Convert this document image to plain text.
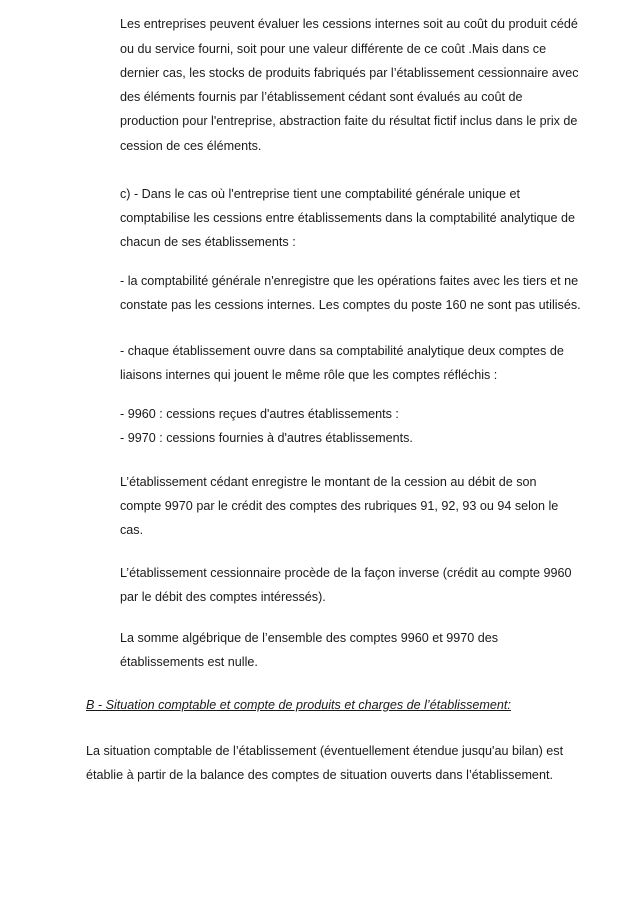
Les entreprises peuvent évaluer les cessions internes soit au coût du produit cédé
ou du service fourni, soit pour une valeur différente de ce coût .Mais dans ce
dernier cas, les stocks de produits fabriqués par l’établissement cessionnaire avec
des éléments fournis par l’établissement cédant sont évalués au coût de
production pour l'entreprise, abstraction faite du résultat fictif inclus dans le prix de
cession de ces éléments.
c) - Dans le cas où l'entreprise tient une comptabilité générale unique et
comptabilise les cessions entre établissements dans la comptabilité analytique de
chacun de ses établissements :
- la comptabilité générale n'enregistre que les opérations faites avec les tiers et ne
constate pas les cessions internes. Les comptes du poste 160 ne sont pas utilisés.
- chaque établissement ouvre dans sa comptabilité analytique deux comptes de
liaisons internes qui jouent le même rôle que les comptes réfléchis :
- 9960 : cessions reçues d'autres établissements :
- 9970 : cessions fournies à d'autres établissements.
L’établissement cédant enregistre le montant de la cession au débit de son
compte 9970 par le crédit des comptes des rubriques 91, 92, 93 ou 94 selon le
cas.
L’établissement cessionnaire procède de la façon inverse (crédit au compte 9960
par le débit des comptes intéressés).
La somme algébrique de l’ensemble des comptes 9960 et 9970 des
établissements est nulle.
B - Situation comptable et compte de produits et charges de l’établissement:
La situation comptable de l’établissement (éventuellement étendue jusqu'au bilan) est
établie à partir de la balance des comptes de situation ouverts dans l’établissement.
